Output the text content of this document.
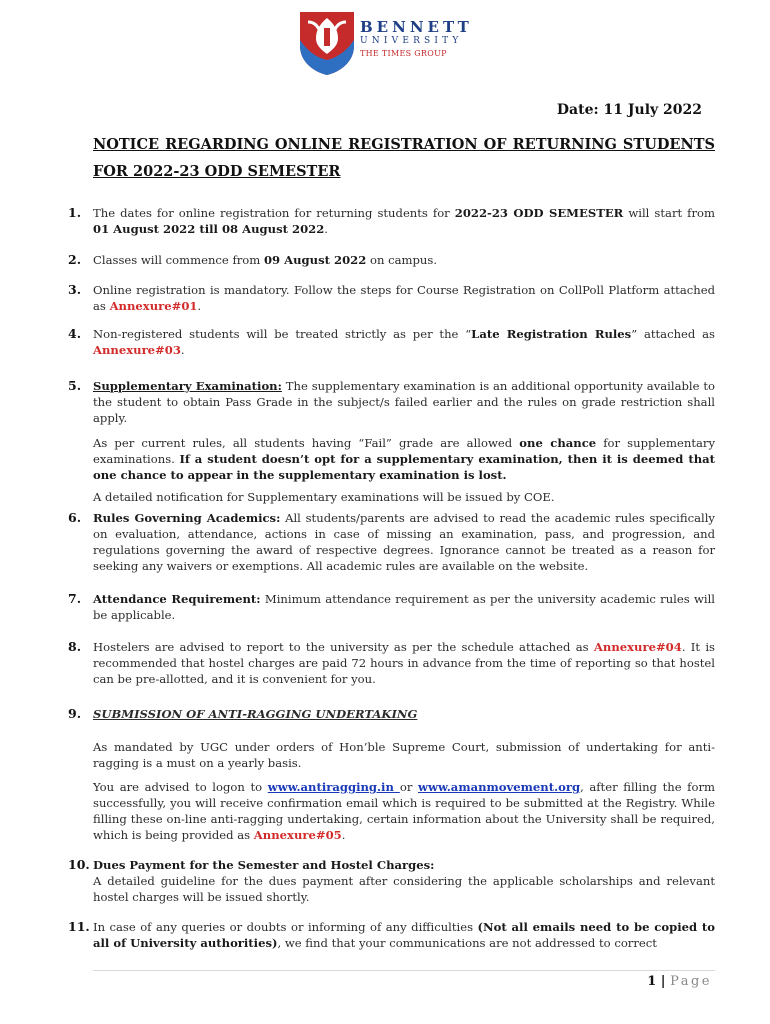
BENNETT
UNIVERSITY
THE TIMES GROUP
Date: 11 July 2022
NOTICE REGARDING ONLINE REGISTRATION OF RETURNING STUDENTS FOR 2022-23 ODD SEMESTER
1.	The dates for online registration for returning students for 2022-23 ODD SEMESTER will start from 01 August 2022 till 08 August 2022.
2.	Classes will commence from 09 August 2022 on campus.
3.	Online registration is mandatory. Follow the steps for Course Registration on CollPoll Platform attached as Annexure#01.
4.	Non-registered students will be treated strictly as per the “Late Registration Rules” attached as Annexure#03.
5.	Supplementary Examination: The supplementary examination is an additional opportunity available to the student to obtain Pass Grade in the subject/s failed earlier and the rules on grade restriction shall apply.

As per current rules, all students having “Fail” grade are allowed one chance for supplementary examinations. If a student doesn’t opt for a supplementary examination, then it is deemed that one chance to appear in the supplementary examination is lost.

A detailed notification for Supplementary examinations will be issued by COE.

6.	Rules Governing Academics: All students/parents are advised to read the academic rules specifically on evaluation, attendance, actions in case of missing an examination, pass, and progression, and regulations governing the award of respective degrees. Ignorance cannot be treated as a reason for seeking any waivers or exemptions. All academic rules are available on the website.
7.	Attendance Requirement: Minimum attendance requirement as per the university academic rules will be applicable.
8.	Hostelers are advised to report to the university as per the schedule attached as Annexure#04. It is recommended that hostel charges are paid 72 hours in advance from the time of reporting so that hostel can be pre-allotted, and it is convenient for you.
9.	SUBMISSION OF ANTI-RAGGING UNDERTAKING

As mandated by UGC under orders of Hon’ble Supreme Court, submission of undertaking for anti-ragging is a must on a yearly basis.

You are advised to logon to www.antiragging.in or www.amanmovement.org, after filling the form successfully, you will receive confirmation email which is required to be submitted at the Registry. While filling these on-line anti-ragging undertaking, certain information about the University shall be required, which is being provided as Annexure#05.

10. Dues Payment for the Semester and Hostel Charges:
A detailed guideline for the dues payment after considering the applicable scholarships and relevant hostel charges will be issued shortly.
11. In case of any queries or doubts or informing of any difficulties (Not all emails need to be copied to all of University authorities), we find that your communications are not addressed to correct
1 | Page
